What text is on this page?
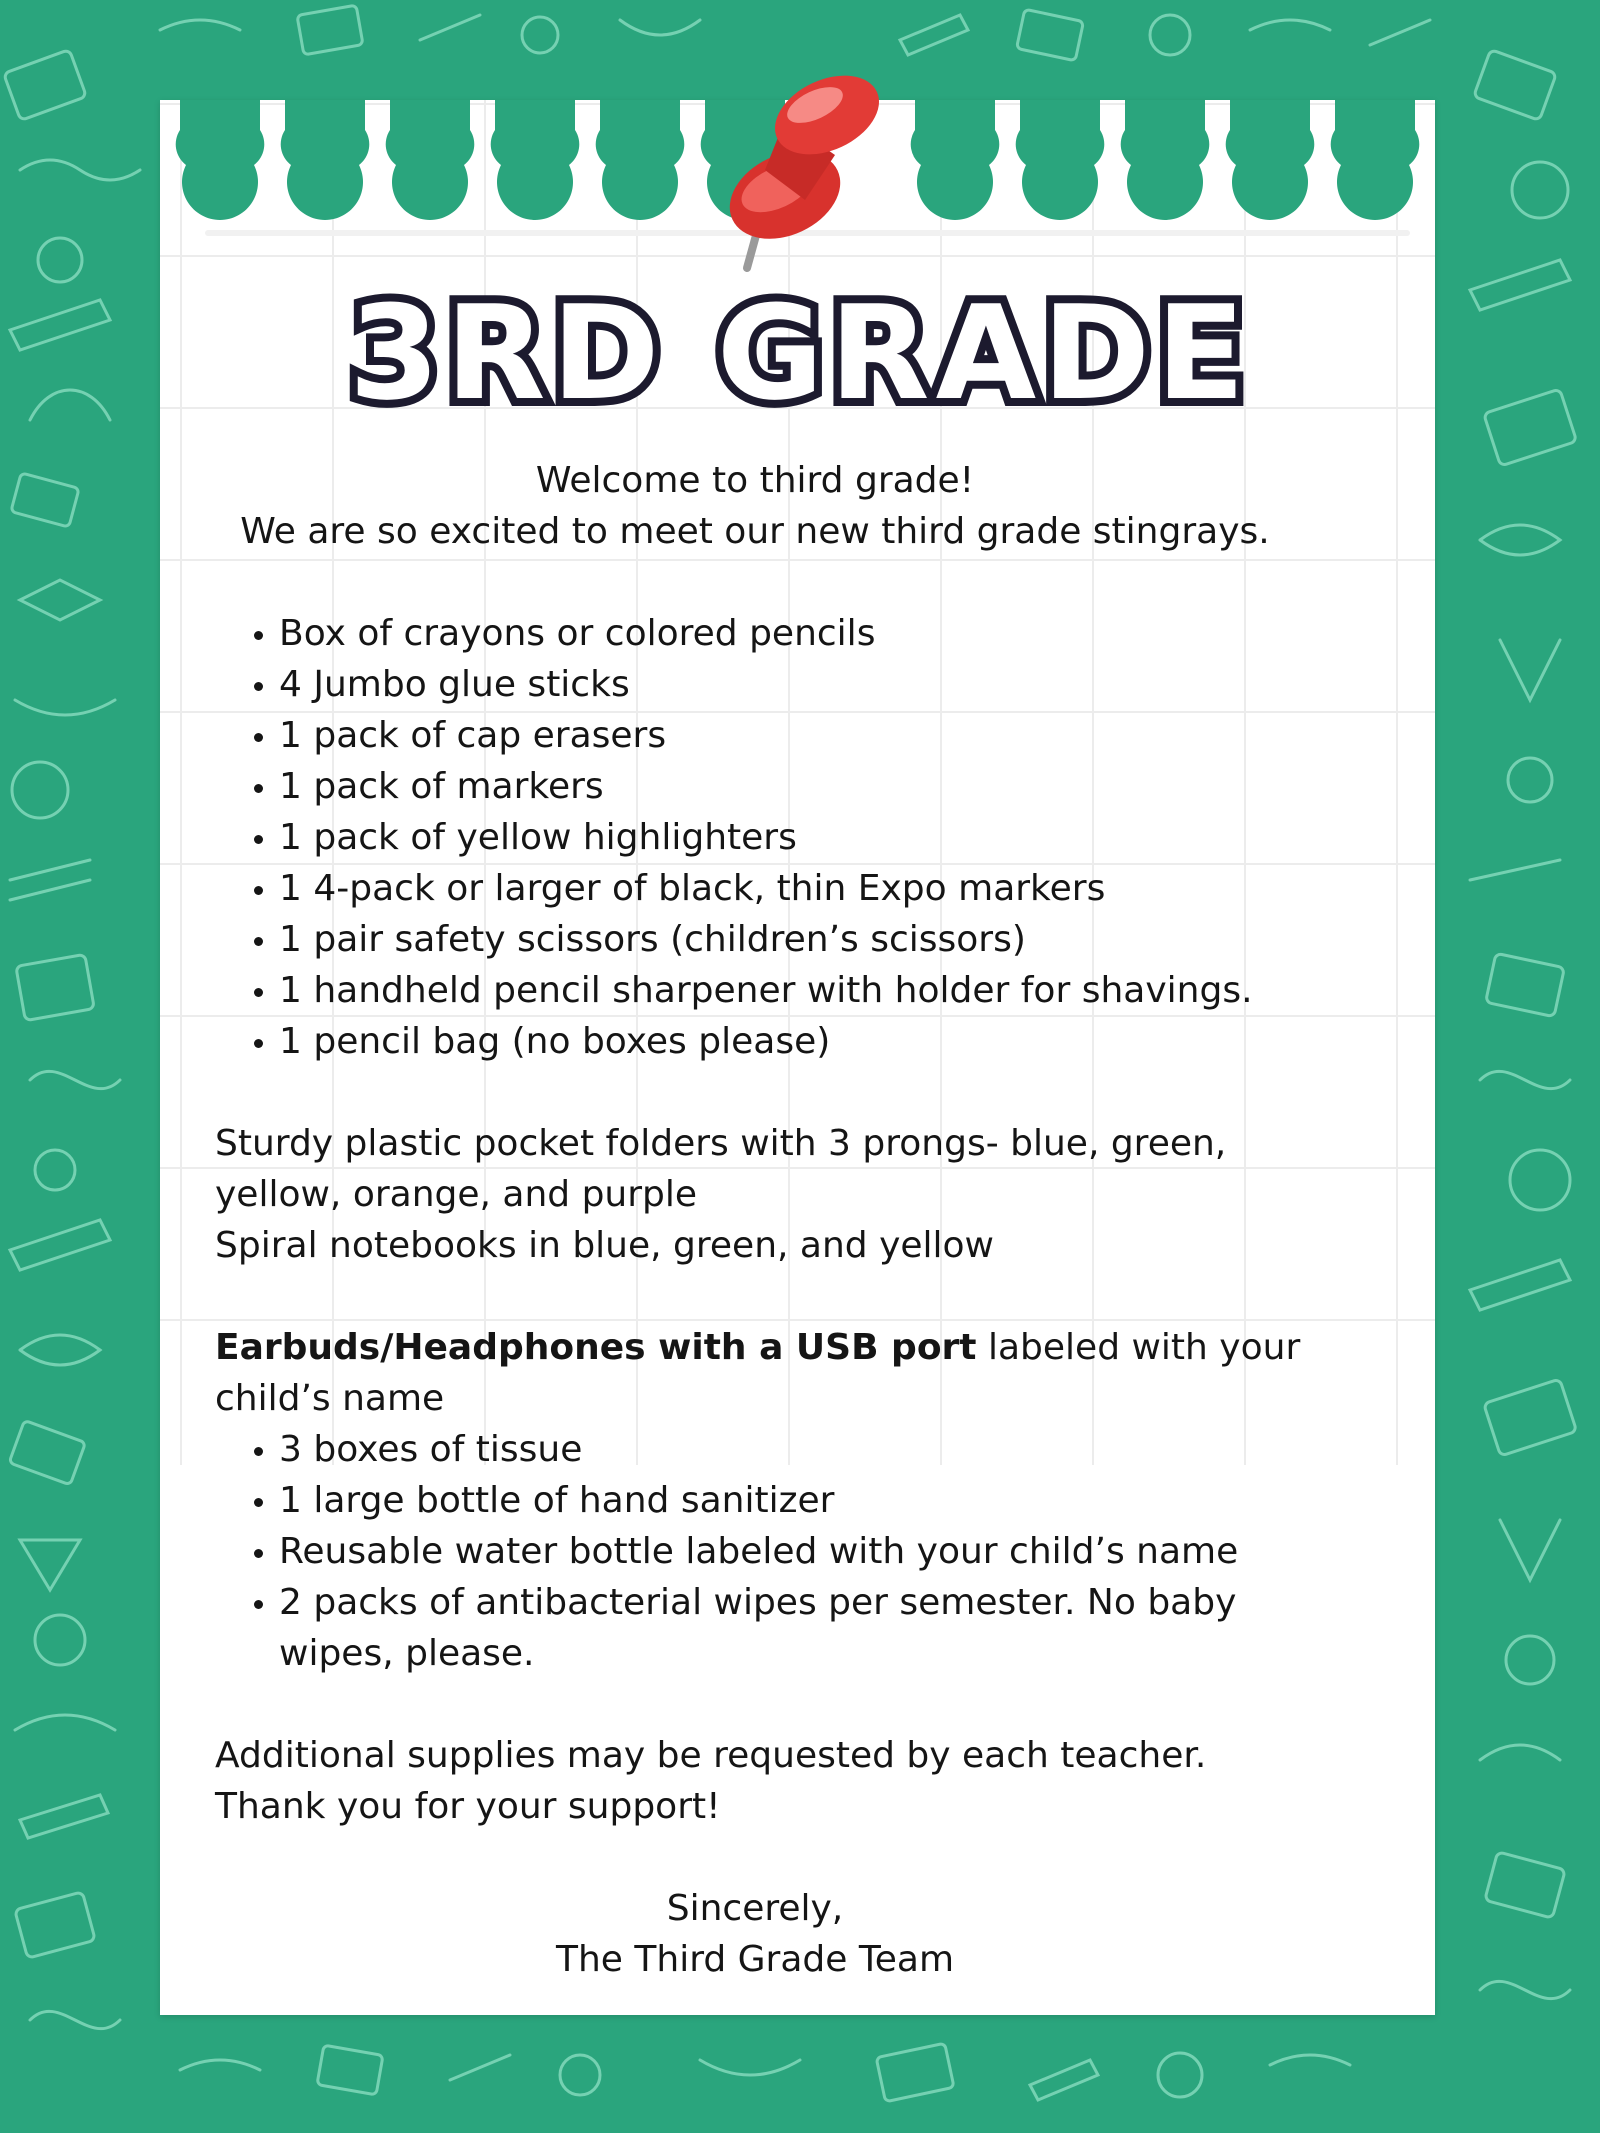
3RD GRADE

Welcome to third grade!

We are so excited to meet our new third grade stingrays.

• Box of crayons or colored pencils
• 4 Jumbo glue sticks
• 1 pack of cap erasers
• 1 pack of markers
• 1 pack of yellow highlighters
• 1 4-pack or larger of black, thin Expo markers
• 1 pair safety scissors (children’s scissors)
• 1 handheld pencil sharpener with holder for shavings.
• 1 pencil bag (no boxes please)

Sturdy plastic pocket folders with 3 prongs- blue, green, yellow, orange, and purple

Spiral notebooks in blue, green, and yellow

Earbuds/Headphones with a USB port labeled with your child’s name

• 3 boxes of tissue
• 1 large bottle of hand sanitizer
• Reusable water bottle labeled with your child’s name
• 2 packs of antibacterial wipes per semester. No baby wipes, please.

Additional supplies may be requested by each teacher.

Thank you for your support!

Sincerely,

The Third Grade Team
